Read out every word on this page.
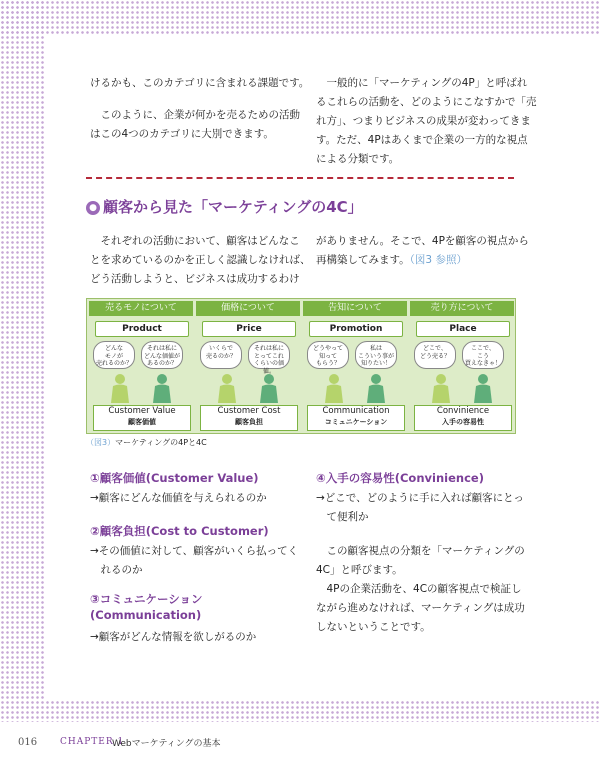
けるかも、このカテゴリに含まれる課題です。
　このように、企業が何かを売るための活動
はこの4つのカテゴリに大別できます。
　一般的に「マーケティングの4P」と呼ばれ
るこれらの活動を、どのようにこなすかで「売
れ方」、つまりビジネスの成果が変わってきま
す。ただ、4Pはあくまで企業の一方的な視点
による分類です。
● 顧客から見た「マーケティングの4C」
　それぞれの活動において、顧客はどんなこ
とを求めているのかを正しく認識しなければ、
どう活動しようと、ビジネスは成功するわけ
がありません。そこで、4Pを顧客の視点から
再構築してみます。（図3 参照）
売るモノについて
Product
どんな
モノが
売れるのか？
それは私に
どんな価値が
あるのか？
Customer Value
顧客価値
価格について
Price
いくらで
売るのか？
それは私に
とってこれ
くらいの価値。
Customer Cost
顧客負担
告知について
Promotion
どうやって
知って
もらう？
私は
こういう事が
知りたい！
Communication
コミュニケーション
売り方について
Place
どこで、
どう売る？
ここで、
こう
買えなきゃ！
Convinience
入手の容易性
（図3）マーケティングの4Pと4C
①顧客価値(Customer Value)
→顧客にどんな価値を与えられるのか
②顧客負担(Cost to Customer)
→その価値に対して、顧客がいくら払ってく
　れるのか
③コミュニケーション
(Communication)
→顧客がどんな情報を欲しがるのか
④入手の容易性(Convinience)
→どこで、どのように手に入れば顧客にとっ
　て便利か
　この顧客視点の分類を「マーケティングの
4C」と呼びます。
　4Pの企業活動を、4Cの顧客視点で検証し
ながら進めなければ、マーケティングは成功
しないということです。
016	CHAPTER 1
Webマーケティングの基本
